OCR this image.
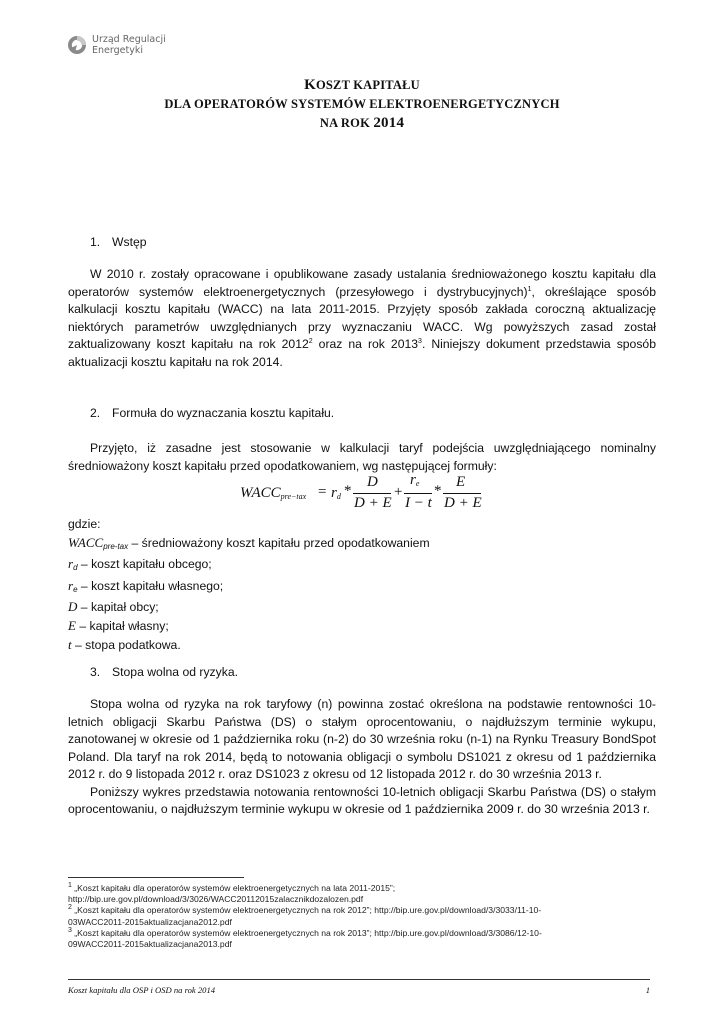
Urząd Regulacji
Energetyki
KOSZT KAPITAŁU
DLA OPERATORÓW SYSTEMÓW ELEKTROENERGETYCZNYCH
NA ROK 2014
1. Wstęp

W 2010 r. zostały opracowane i opublikowane zasady ustalania średnioważonego kosztu kapitału dla operatorów systemów elektroenergetycznych (przesyłowego i dystrybucyjnych)$^1$, określające sposób kalkulacji kosztu kapitału (WACC) na lata 2011-2015. Przyjęty sposób zakłada coroczną aktualizację niektórych parametrów uwzględnianych przy wyznaczaniu WACC. Wg powyższych zasad został zaktualizowany koszt kapitału na rok 2012$^2$ oraz na rok 2013$^3$. Niniejszy dokument przedstawia sposób aktualizacji kosztu kapitału na rok 2014.

2. Formuła do wyznaczania kosztu kapitału.

Przyjęto, iż zasadne jest stosowanie w kalkulacji taryf podejścia uwzględniającego nominalny średnioważony koszt kapitału przed opodatkowaniem, wg następującej formuły:

$WACC_{pre-tax} = r_d$ *
D
D + E
+
$r_e$
I − t
*
E
D + E
gdzie:
$WACC_{pre-tax}$ – średnioważony koszt kapitału przed opodatkowaniem
$r_d$ – koszt kapitału obcego;
$r_e$ – koszt kapitału własnego;
D – kapitał obcy;
E – kapitał własny;
t – stopa podatkowa.
3. Stopa wolna od ryzyka.

Stopa wolna od ryzyka na rok taryfowy (n) powinna zostać określona na podstawie rentowności 10-letnich obligacji Skarbu Państwa (DS) o stałym oprocentowaniu, o najdłuższym terminie wykupu, zanotowanej w okresie od 1 października roku (n-2) do 30 września roku (n-1) na Rynku Treasury BondSpot Poland. Dla taryf na rok 2014, będą to notowania obligacji o symbolu DS1021 z okresu od 1 października 2012 r. do 9 listopada 2012 r. oraz DS1023 z okresu od 12 listopada 2012 r. do 30 września 2013 r.

Poniższy wykres przedstawia notowania rentowności 10-letnich obligacji Skarbu Państwa (DS) o stałym oprocentowaniu, o najdłuższym terminie wykupu w okresie od 1 października 2009 r. do 30 września 2013 r.

$^1$ „Koszt kapitału dla operatorów systemów elektroenergetycznych na lata 2011-2015”;
http://bip.ure.gov.pl/download/3/3026/WACC20112015zalacznikdozalozen.pdf
$^2$ „Koszt kapitału dla operatorów systemów elektroenergetycznych na rok 2012”; http://bip.ure.gov.pl/download/3/3033/11-10-
03WACC2011-2015aktualizacjana2012.pdf
$^3$ „Koszt kapitału dla operatorów systemów elektroenergetycznych na rok 2013”; http://bip.ure.gov.pl/download/3/3086/12-10-
09WACC2011-2015aktualizacjana2013.pdf
Koszt kapitału dla OSP i OSD na rok 2014	1
